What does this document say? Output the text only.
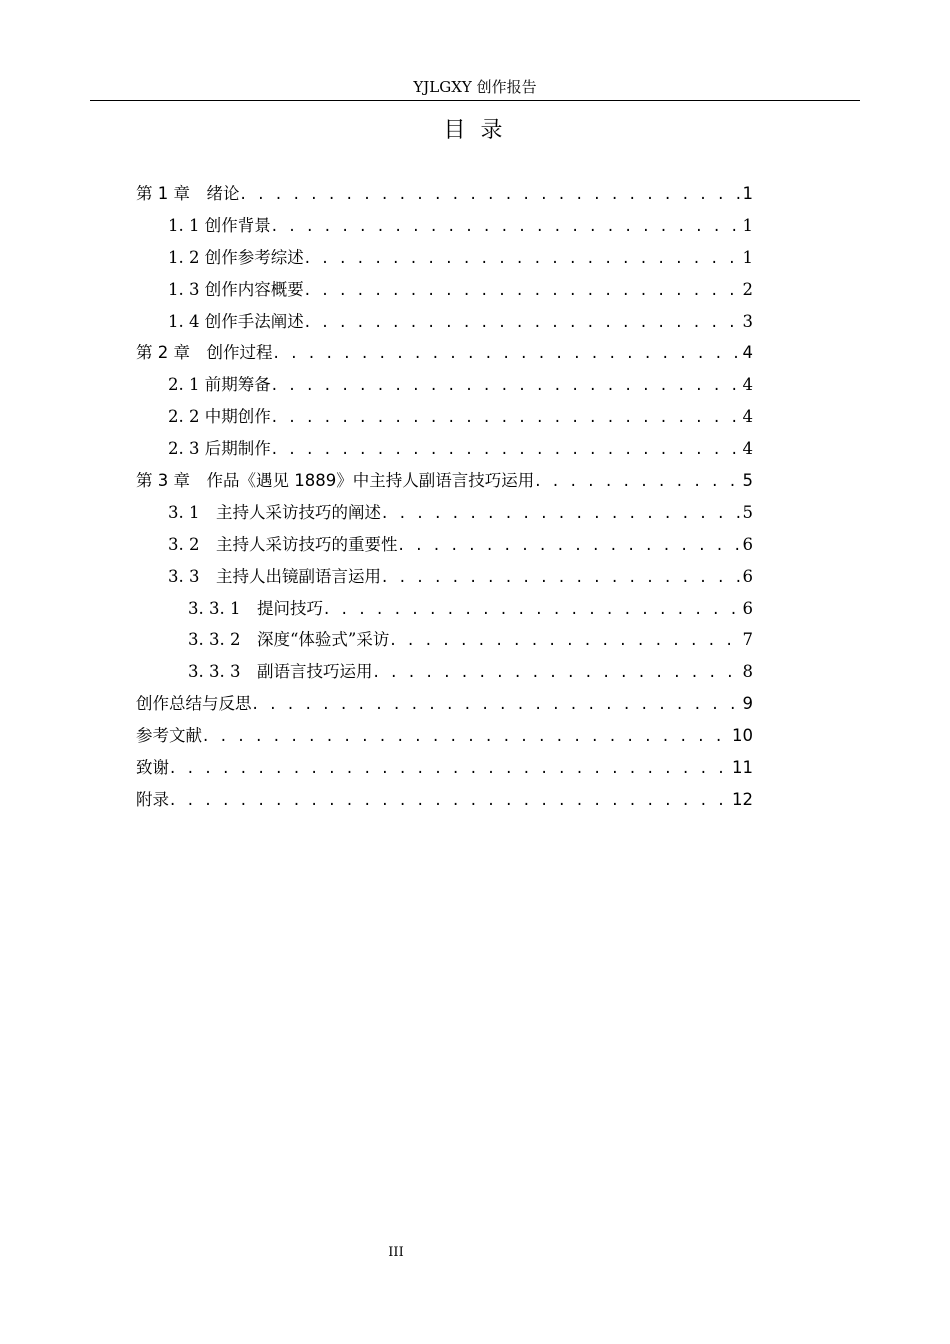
YJLGXY 创作报告
目 录
第 1 章　绪论 . . .	1
1. 1 创作背景 . . .	1
1. 2 创作参考综述 . . .	1
1. 3 创作内容概要 . . .	2
1. 4 创作手法阐述 . . .	3
第 2 章　创作过程 . . .	4
2. 1 前期筹备 . . .	4
2. 2 中期创作 . . .	4
2. 3 后期制作 . . .	4
第 3 章　作品《遇见 1889》中主持人副语言技巧运用 . . .	5
3. 1　主持人采访技巧的阐述 . . .	5
3. 2　主持人采访技巧的重要性 . . .	6
3. 3　主持人出镜副语言运用 . . .	6
3. 3. 1　提问技巧 . . .	6
3. 3. 2　深度“体验式”采访 . . .	7
3. 3. 3　副语言技巧运用 . . .	8
创作总结与反思 . . .	9
参考文献 . . .	10
致谢 . . .	11
附录 . . .	12
III
